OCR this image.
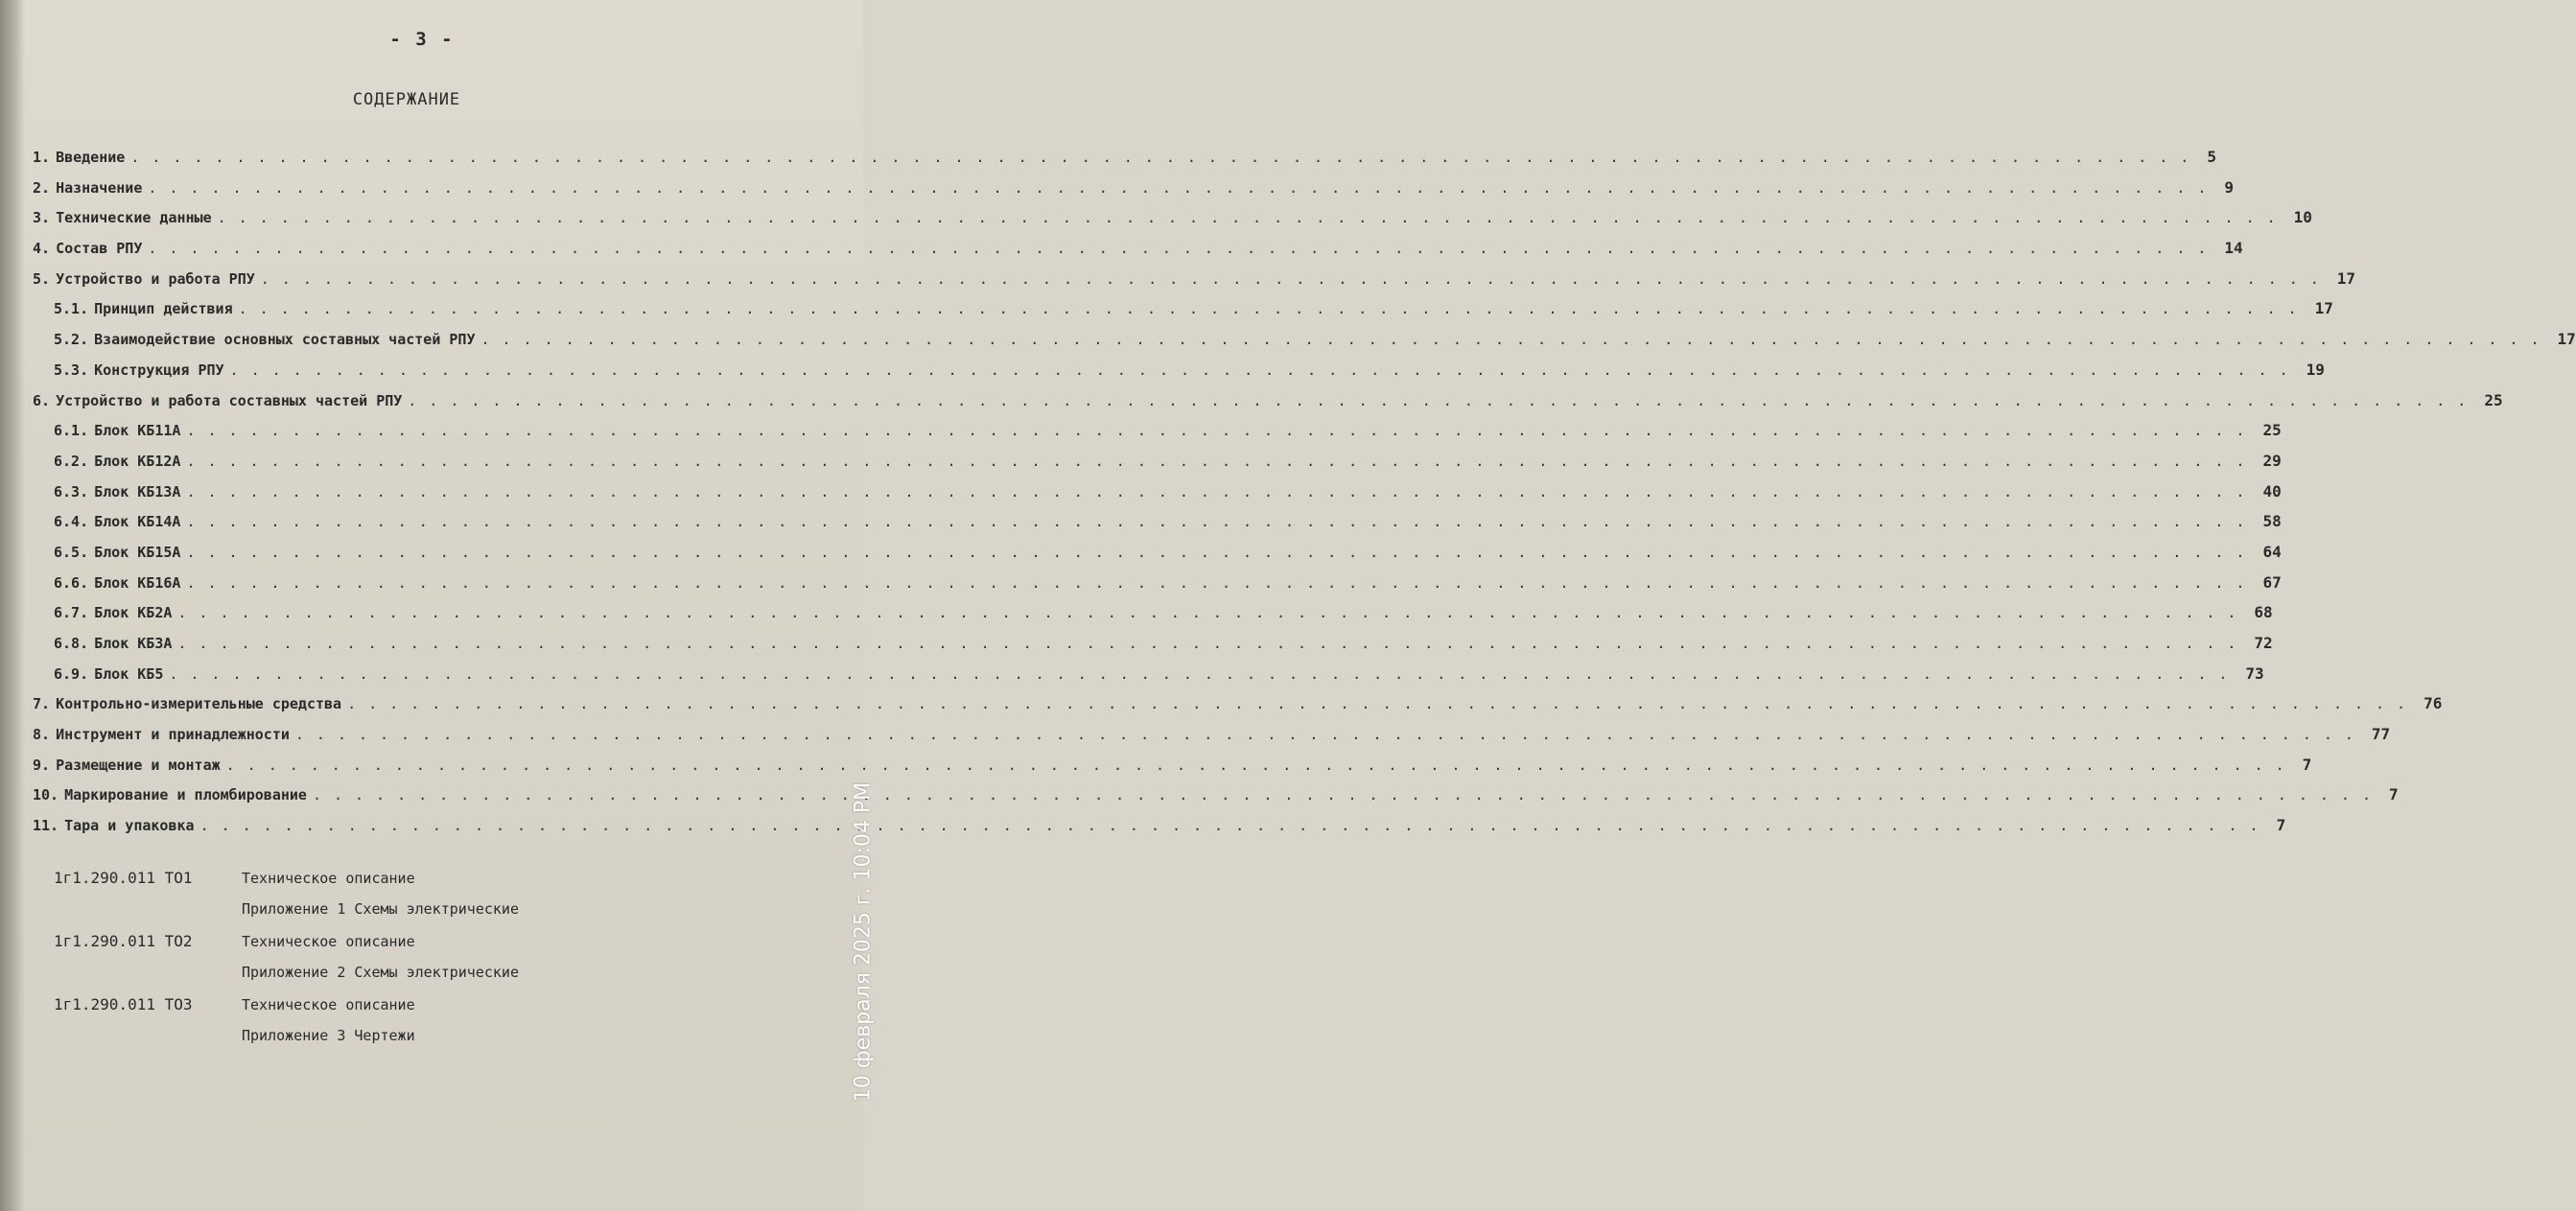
- 3 -
СОДЕРЖАНИЕ
1. Введение .................................................................................................. 5
2. Назначение .................................................................................................. 9
3. Технические данные .................................................................................................. 10
4. Состав РПУ .................................................................................................. 14
5. Устройство и работа РПУ .................................................................................................. 17
5.1. Принцип действия .................................................................................................. 17
5.2. Взаимодействие основных составных частей РПУ .................................................................................................. 17
5.3. Конструкция РПУ .................................................................................................. 19
6. Устройство и работа составных частей РПУ .................................................................................................. 25
6.1. Блок КБ11А .................................................................................................. 25
6.2. Блок КБ12А .................................................................................................. 29
6.3. Блок КБ13А .................................................................................................. 40
6.4. Блок КБ14А .................................................................................................. 58
6.5. Блок КБ15А .................................................................................................. 64
6.6. Блок КБ16А .................................................................................................. 67
6.7. Блок КБ2А .................................................................................................. 68
6.8. Блок КБЗА .................................................................................................. 72
6.9. Блок КБ5 .................................................................................................. 73
7. Контрольно-измерительные средства .................................................................................................. 76
8. Инструмент и принадлежности .................................................................................................. 77
9. Размещение и монтаж .................................................................................................. 7
10. Маркирование и пломбирование .................................................................................................. 7
11. Тара и упаковка .................................................................................................. 7
1г1.290.011 ТО1	Техническое описание
Приложение 1 Схемы электрические
1г1.290.011 ТО2	Техническое описание
Приложение 2 Схемы электрические
1г1.290.011 ТОЗ	Техническое описание
Приложение 3 Чертежи	10 февраля 2025 г. 10:04 PM
